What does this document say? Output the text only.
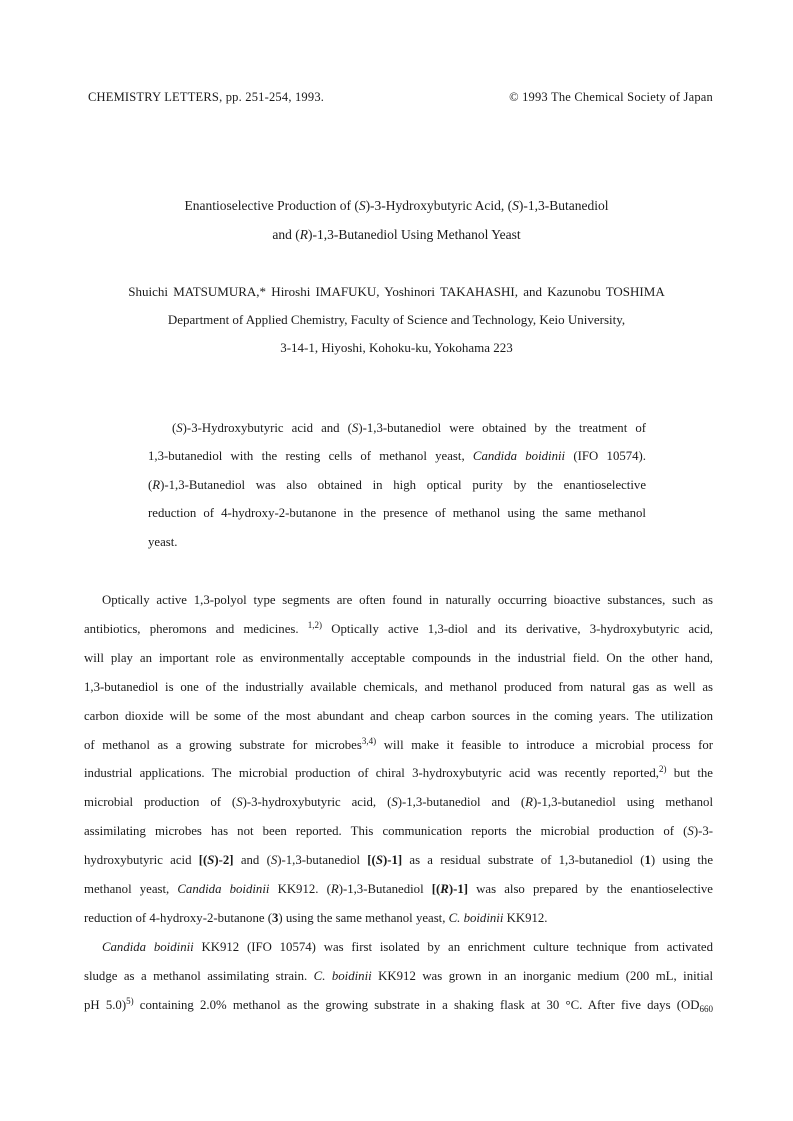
CHEMISTRY LETTERS, pp. 251-254, 1993.	© 1993 The Chemical Society of Japan
Enantioselective Production of (S)-3-Hydroxybutyric Acid, (S)-1,3-Butanediol
and (R)-1,3-Butanediol Using Methanol Yeast
Shuichi MATSUMURA,* Hiroshi IMAFUKU, Yoshinori TAKAHASHI, and Kazunobu TOSHIMA
Department of Applied Chemistry, Faculty of Science and Technology, Keio University,
3-14-1, Hiyoshi, Kohoku-ku, Yokohama 223
(S)-3-Hydroxybutyric acid and (S)-1,3-butanediol were obtained by the treatment of
1,3-butanediol with the resting cells of methanol yeast, Candida boidinii (IFO 10574).
(R)-1,3-Butanediol was also obtained in high optical purity by the enantioselective
reduction of 4-hydroxy-2-butanone in the presence of methanol using the same methanol
yeast.
Optically active 1,3-polyol type segments are often found in naturally occurring bioactive substances, such as
antibiotics, pheromons and medicines. $^{1,2)}$ Optically active 1,3-diol and its derivative, 3-hydroxybutyric acid,
will play an important role as environmentally acceptable compounds in the industrial field. On the other hand,
1,3-butanediol is one of the industrially available chemicals, and methanol produced from natural gas as well as
carbon dioxide will be some of the most abundant and cheap carbon sources in the coming years. The utilization
of methanol as a growing substrate for microbes$^{3,4)}$ will make it feasible to introduce a microbial process for
industrial applications. The microbial production of chiral 3-hydroxybutyric acid was recently reported,$^{2)}$ but the
microbial production of (S)-3-hydroxybutyric acid, (S)-1,3-butanediol and (R)-1,3-butanediol using methanol
assimilating microbes has not been reported. This communication reports the microbial production of (S)-3-
hydroxybutyric acid [(S)-2] and (S)-1,3-butanediol [(S)-1] as a residual substrate of 1,3-butanediol (1) using the
methanol yeast, Candida boidinii KK912. (R)-1,3-Butanediol [(R)-1] was also prepared by the enantioselective
reduction of 4-hydroxy-2-butanone (3) using the same methanol yeast, C. boidinii KK912.
Candida boidinii KK912 (IFO 10574) was first isolated by an enrichment culture technique from activated
sludge as a methanol assimilating strain. C. boidinii KK912 was grown in an inorganic medium (200 mL, initial
pH 5.0)$^{5)}$ containing 2.0% methanol as the growing substrate in a shaking flask at 30 °C. After five days ($OD_{660}$
